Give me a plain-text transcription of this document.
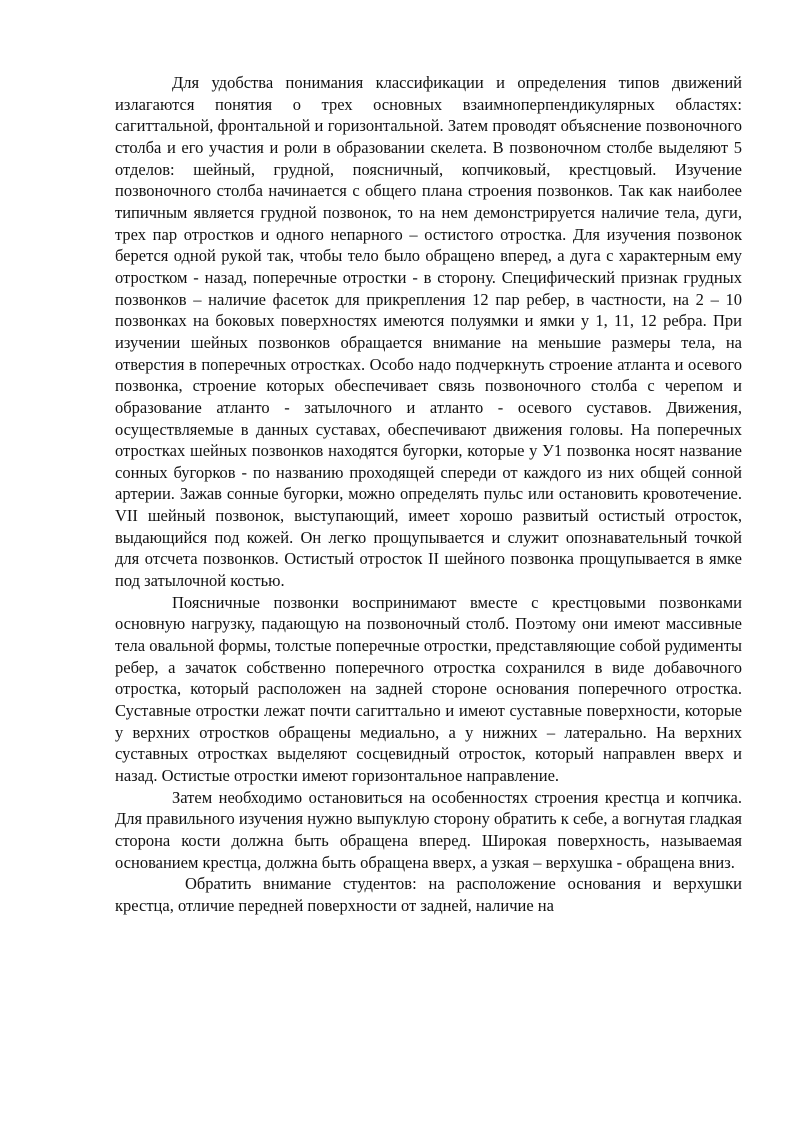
Для удобства понимания классификации и определения типов движений излагаются понятия о трех основных взаимноперпендикулярных областях: сагиттальной, фронтальной и горизонтальной. Затем проводят объяснение позвоночного столба и его участия и роли в образовании скелета. В позвоночном столбе выделяют 5 отделов: шейный, грудной, поясничный, копчиковый, крестцовый. Изучение позвоночного столба начинается с общего плана строения позвонков. Так как наиболее типичным является грудной позвонок, то на нем демонстрируется наличие тела, дуги, трех пар отростков и одного непарного – остистого отростка. Для изучения позвонок берется одной рукой так, чтобы тело было обращено вперед, а дуга с характерным ему отростком - назад, поперечные отростки - в сторону. Специфический признак грудных позвонков – наличие фасеток для прикрепления 12 пар ребер, в частности, на 2 – 10 позвонках на боковых поверхностях имеются полуямки и ямки у 1, 11, 12 ребра. При изучении шейных позвонков обращается внимание на меньшие размеры тела, на отверстия в поперечных отростках. Особо надо подчеркнуть строение атланта и осевого позвонка, строение которых обеспечивает связь позвоночного столба с черепом и образование атланто - затылочного и атланто - осевого суставов. Движения, осуществляемые в данных суставах, обеспечивают движения головы. На поперечных отростках шейных позвонков находятся бугорки, которые у У1 позвонка носят название сонных бугорков - по названию проходящей спереди от каждого из них общей сонной артерии. Зажав сонные бугорки, можно определять пульс или остановить кровотечение. VII шейный позвонок, выступающий, имеет хорошо развитый остистый отросток, выдающийся под кожей. Он легко прощупывается и служит опознавательный точкой для отсчета позвонков. Остистый отросток II шейного позвонка прощупывается в ямке под затылочной костью.

Поясничные позвонки воспринимают вместе с крестцовыми позвонками основную нагрузку, падающую на позвоночный столб. Поэтому они имеют массивные тела овальной формы, толстые поперечные отростки, представляющие собой рудименты ребер, а зачаток собственно поперечного отростка сохранился в виде добавочного отростка, который расположен на задней стороне основания поперечного отростка. Суставные отростки лежат почти сагиттально и имеют суставные поверхности, которые у верхних отростков обращены медиально, а у нижних – латерально. На верхних суставных отростках выделяют сосцевидный отросток, который направлен вверх и назад. Остистые отростки имеют горизонтальное направление.

Затем необходимо остановиться на особенностях строения крестца и копчика. Для правильного изучения нужно выпуклую сторону обратить к себе, а вогнутая гладкая сторона кости должна быть обращена вперед. Широкая поверхность, называемая основанием крестца, должна быть обращена вверх, а узкая – верхушка - обращена вниз.

Обратить внимание студентов: на расположение основания и верхушки крестца, отличие передней поверхности от задней, наличие на
